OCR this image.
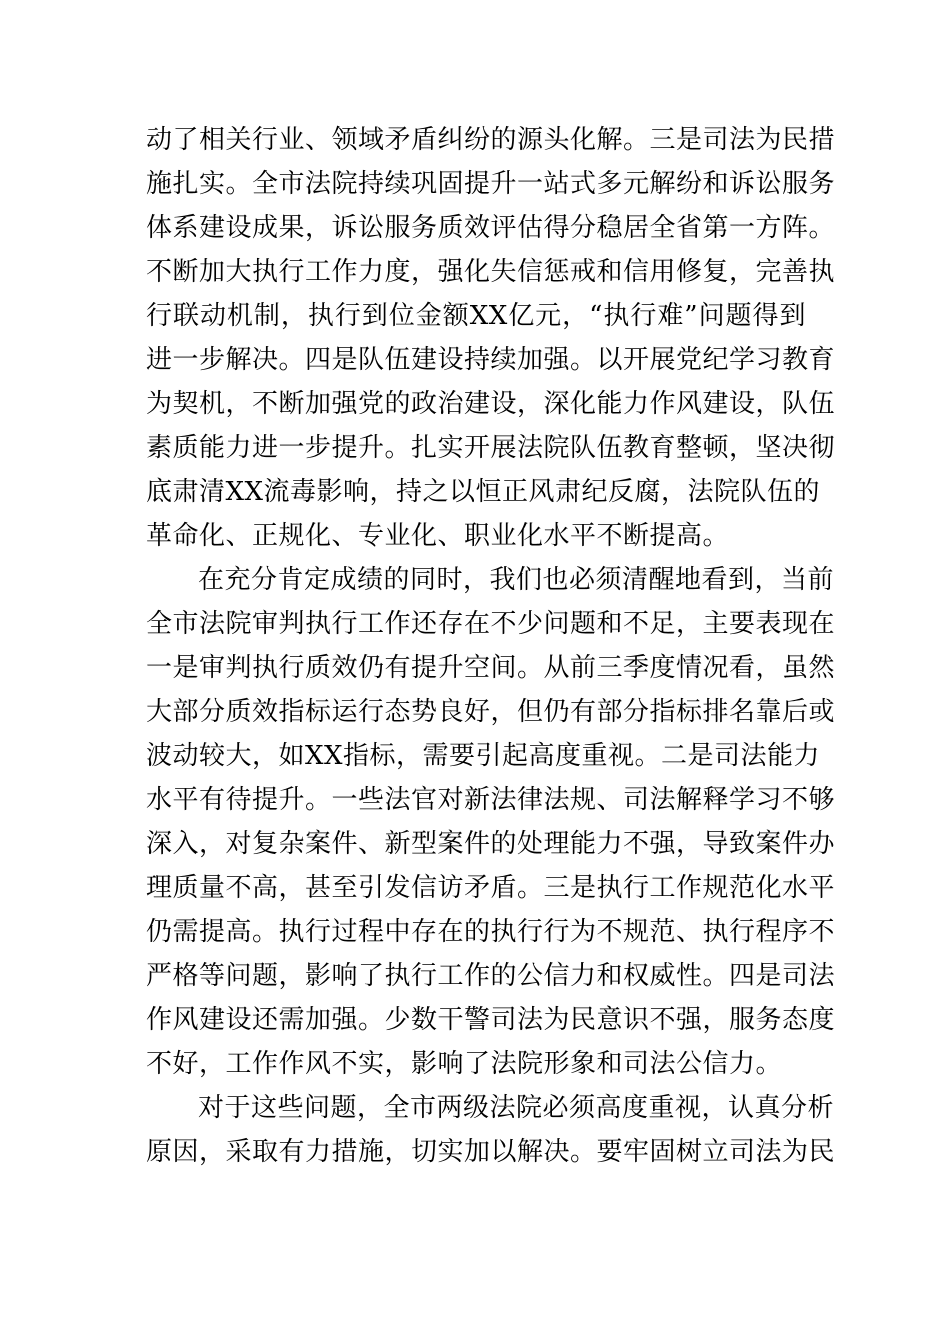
动了相关行业、领域矛盾纠纷的源头化解。三是司法为民措
施扎实。全市法院持续巩固提升一站式多元解纷和诉讼服务
体系建设成果，诉讼服务质效评估得分稳居全省第一方阵。
不断加大执行工作力度，强化失信惩戒和信用修复，完善执
行联动机制，执行到位金额XX亿元，“执行难”问题得到
进一步解决。四是队伍建设持续加强。以开展党纪学习教育
为契机，不断加强党的政治建设，深化能力作风建设，队伍
素质能力进一步提升。扎实开展法院队伍教育整顿，坚决彻
底肃清XX流毒影响，持之以恒正风肃纪反腐，法院队伍的
革命化、正规化、专业化、职业化水平不断提高。
在充分肯定成绩的同时，我们也必须清醒地看到，当前
全市法院审判执行工作还存在不少问题和不足，主要表现在
一是审判执行质效仍有提升空间。从前三季度情况看，虽然
大部分质效指标运行态势良好，但仍有部分指标排名靠后或
波动较大，如XX指标，需要引起高度重视。二是司法能力
水平有待提升。一些法官对新法律法规、司法解释学习不够
深入，对复杂案件、新型案件的处理能力不强，导致案件办
理质量不高，甚至引发信访矛盾。三是执行工作规范化水平
仍需提高。执行过程中存在的执行行为不规范、执行程序不
严格等问题，影响了执行工作的公信力和权威性。四是司法
作风建设还需加强。少数干警司法为民意识不强，服务态度
不好，工作作风不实，影响了法院形象和司法公信力。
对于这些问题，全市两级法院必须高度重视，认真分析
原因，采取有力措施，切实加以解决。要牢固树立司法为民
